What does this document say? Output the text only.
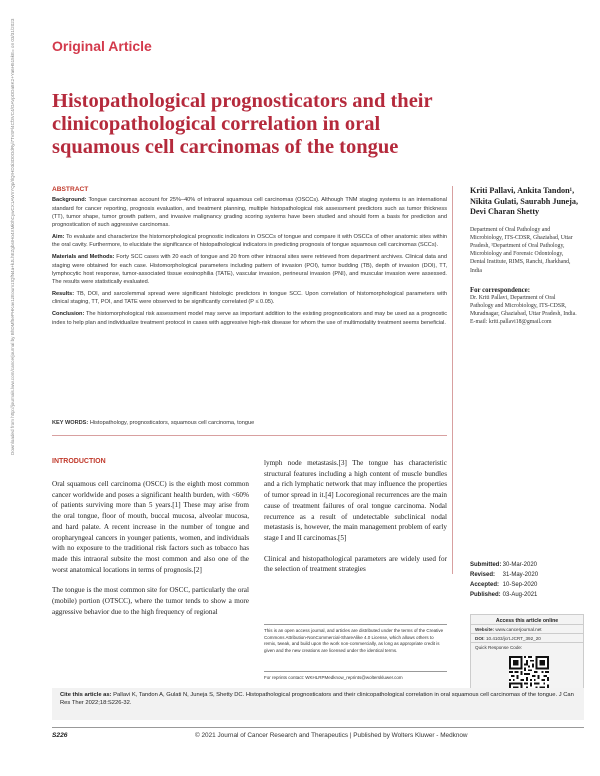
Original Article
Histopathological prognosticators and their clinicopathological correlation in oral squamous cell carcinomas of the tongue
Downloaded from http://journals.lww.com/cancerjournal by BhDMf5ePHKav1zEoum1tQfN4a+kJLhEZgbsIHo4XMi0hCywCX1AWnYQp/IlQrHD3i3D0OdRyi7TvSFl4Cf3VC4/OAVpDDa8K2+Ya6H515kE= on 03/31/2023	ABSTRACT

Background: Tongue carcinomas account for 25%–40% of intraoral squamous cell carcinomas (OSCCs). Although TNM staging systems is an international standard for cancer reporting, prognosis evaluation, and treatment planning, multiple histopathological risk assessment predictors such as tumor thickness (TT), tumor shape, tumor growth pattern, and invasive malignancy grading scoring systems have been studied and should form a basis for prediction and prognostication of such aggressive carcinomas.

Aim: To evaluate and characterize the histomorphological prognostic indicators in OSCCs of tongue and compare it with OSCCs of other anatomic sites within the oral cavity. Furthermore, to elucidate the significance of histopathological indicators in predicting prognosis of tongue squamous cell carcinomas (SCCs).

Materials and Methods: Forty SCC cases with 20 each of tongue and 20 from other intraoral sites were retrieved from department archives. Clinical data and staging were obtained for each case. Histomorphological parameters including pattern of invasion (POI), tumor budding (TB), depth of invasion (DOI), TT, lymphocytic host response, tumor-associated tissue eosinophilia (TATE), vascular invasion, perineural invasion (PNI), and muscular invasion were assessed. The results were statistically evaluated.

Results: TB, DOI, and sarcolemmal spread were significant histologic predictors in tongue SCC. Upon correlation of histomorphological parameters with clinical staging, TT, POI, and TATE were observed to be significantly correlated (P ≤ 0.05).

Conclusion: The histomorphological risk assessment model may serve as important addition to the existing prognosticators and may be used as a prognostic index to help plan and individualize treatment protocol in cases with aggressive high-risk disease for whom the use of multimodality treatment seems beneficial.

KEY WORDS: Histopathology, prognosticators, squamous cell carcinoma, tongue
Kriti Pallavi, Ankita Tandon¹, Nikita Gulati, Saurabh Juneja, Devi Charan Shetty
Department of Oral Pathology and Microbiology, ITS-CDSR, Ghaziabad, Uttar Pradesh, ¹Department of Oral Pathology, Microbiology and Forensic Odontology, Dental Institute, RIMS, Ranchi, Jharkhand, India
For correspondence:
Dr. Kriti Pallavi, Department of Oral Pathology and Microbiology, ITS-CDSR, Muradnagar, Ghaziabad, Uttar Pradesh, India. E-mail: kriti.pallavi18@gmail.com
INTRODUCTION

Oral squamous cell carcinoma (OSCC) is the eighth most common cancer worldwide and poses a significant health burden, with <60% of patients surviving more than 5 years.[1] These may arise from the oral tongue, floor of mouth, buccal mucosa, alveolar mucosa, and hard palate. A recent increase in the number of tongue and oropharyngeal cancers in younger patients, women, and individuals with no exposure to the traditional risk factors such as tobacco has made this intraoral subsite the most common and also one of the worst anatomical locations in terms of prognosis.[2]

The tongue is the most common site for OSCC, particularly the oral (mobile) portion (OTSCC), where the tumor tends to show a more aggressive behavior due to the high frequency of regional

lymph node metastasis.[3] The tongue has characteristic structural features including a high content of muscle bundles and a rich lymphatic network that may influence the properties of tumor spread in it.[4] Locoregional recurrences are the main cause of treatment failures of oral tongue carcinoma. Nodal recurrence as a result of undetectable subclinical nodal metastasis is, however, the main management problem of early stage I and II carcinomas.[5]

Clinical and histopathological parameters are widely used for the selection of treatment strategies

This is an open access journal, and articles are distributed under the terms of the Creative Commons Attribution-NonCommercial-ShareAlike 4.0 License, which allows others to remix, tweak, and build upon the work non-commercially, as long as appropriate credit is given and the new creations are licensed under the identical terms.
For reprints contact: WKHLRPMedknow_reprints@wolterskluwer.com
Submitted: 30-Mar-2020
Revised: 31-May-2020
Accepted: 10-Sep-2020
Published: 03-Aug-2021
Access this article online
Website: www.cancerjournal.net
DOI: 10.4103/jcrt.JCRT_392_20
Quick Response Code:
Cite this article as: Pallavi K, Tandon A, Gulati N, Juneja S, Shetty DC. Histopathological prognosticators and their clinicopathological correlation in oral squamous cell carcinomas of the tongue. J Can Res Ther 2022;18:S226-32.
S226	© 2021 Journal of Cancer Research and Therapeutics | Published by Wolters Kluwer - Medknow
